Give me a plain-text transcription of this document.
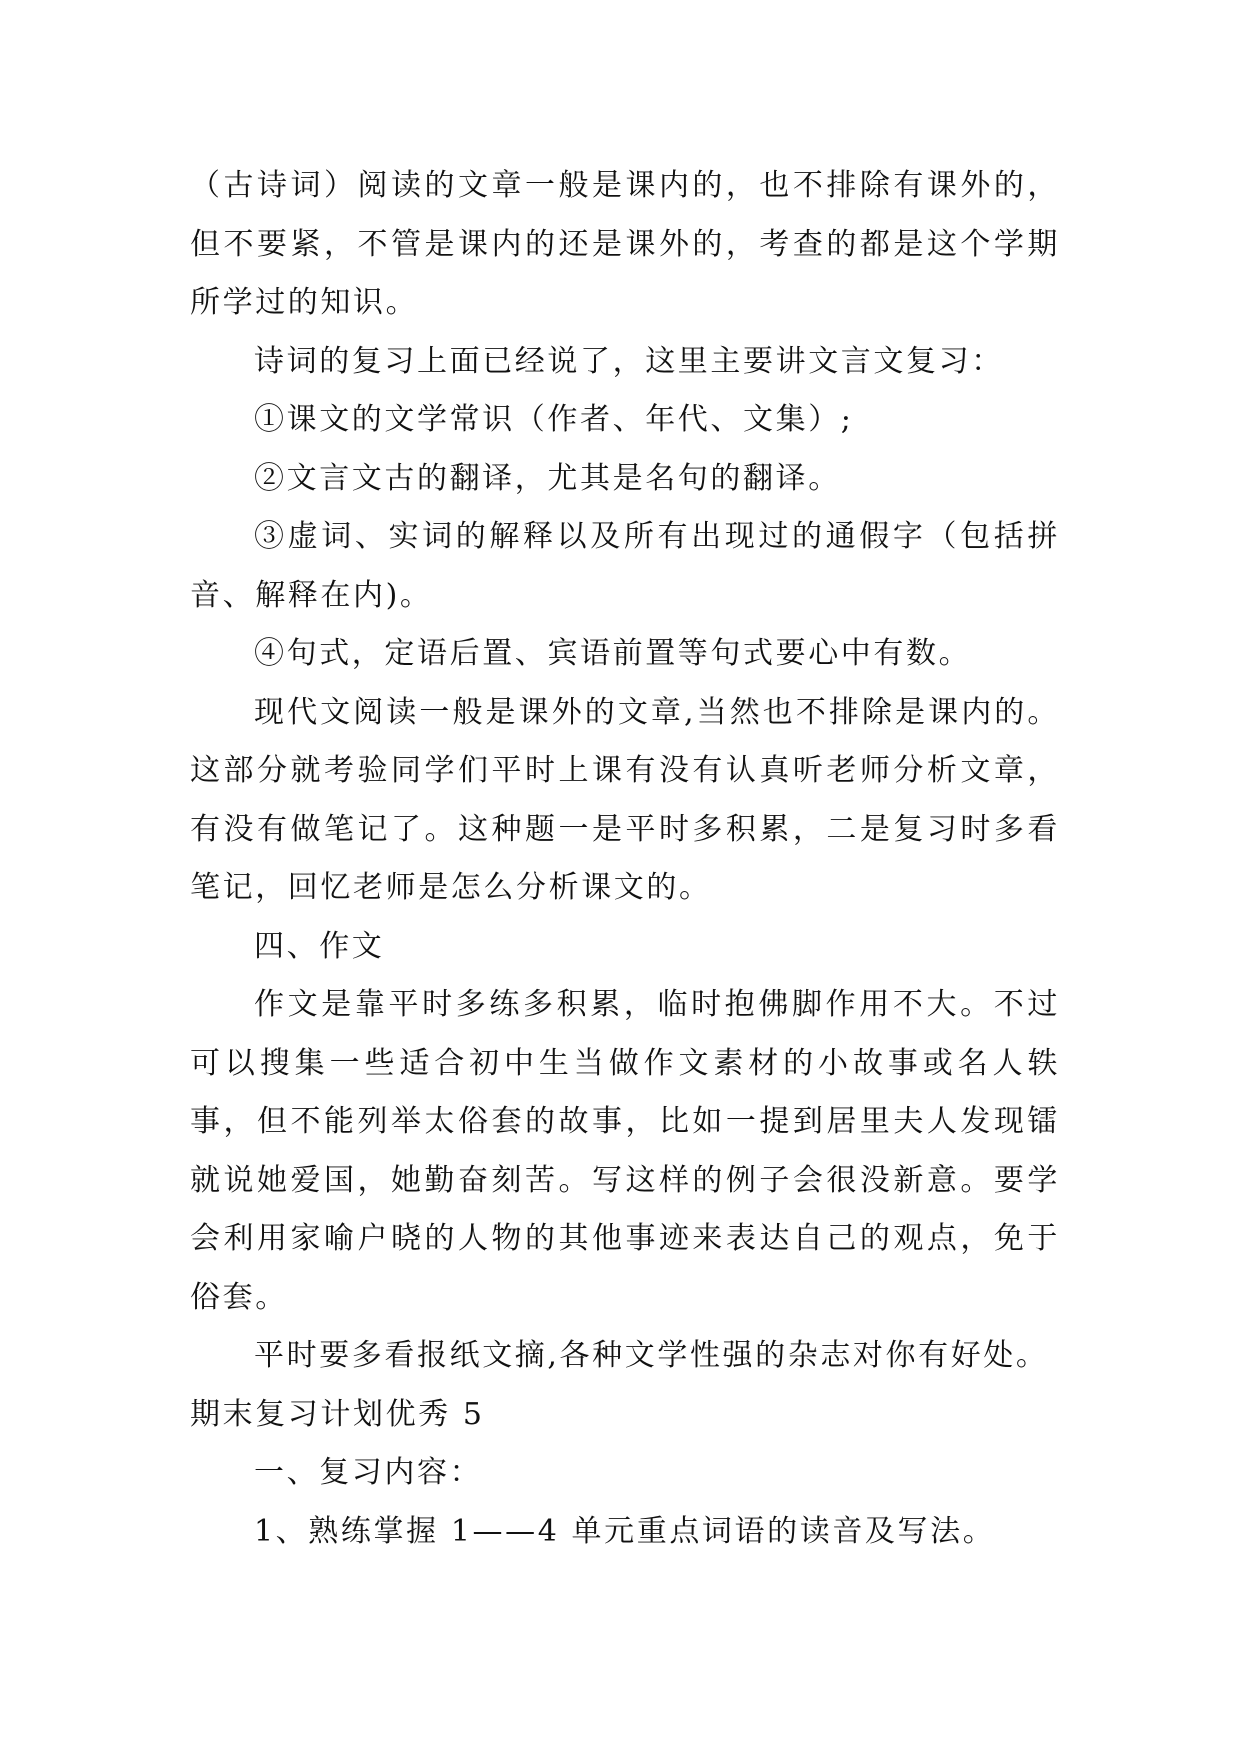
（古诗词）阅读的文章一般是课内的，也不排除有课外的，但不要紧，不管是课内的还是课外的，考查的都是这个学期所学过的知识。

诗词的复习上面已经说了，这里主要讲文言文复习：

①课文的文学常识（作者、年代、文集）;

②文言文古的翻译，尤其是名句的翻译。

③虚词、实词的解释以及所有出现过的通假字（包括拼音、解释在内)。

④句式，定语后置、宾语前置等句式要心中有数。

现代文阅读一般是课外的文章,当然也不排除是课内的。这部分就考验同学们平时上课有没有认真听老师分析文章，有没有做笔记了。这种题一是平时多积累，二是复习时多看笔记，回忆老师是怎么分析课文的。

四、作文

作文是靠平时多练多积累，临时抱佛脚作用不大。不过可以搜集一些适合初中生当做作文素材的小故事或名人轶事，但不能列举太俗套的故事，比如一提到居里夫人发现镭就说她爱国，她勤奋刻苦。写这样的例子会很没新意。要学会利用家喻户晓的人物的其他事迹来表达自己的观点，免于俗套。

平时要多看报纸文摘,各种文学性强的杂志对你有好处。

期末复习计划优秀 5

一、复习内容：

1、熟练掌握 1——4 单元重点词语的读音及写法。
